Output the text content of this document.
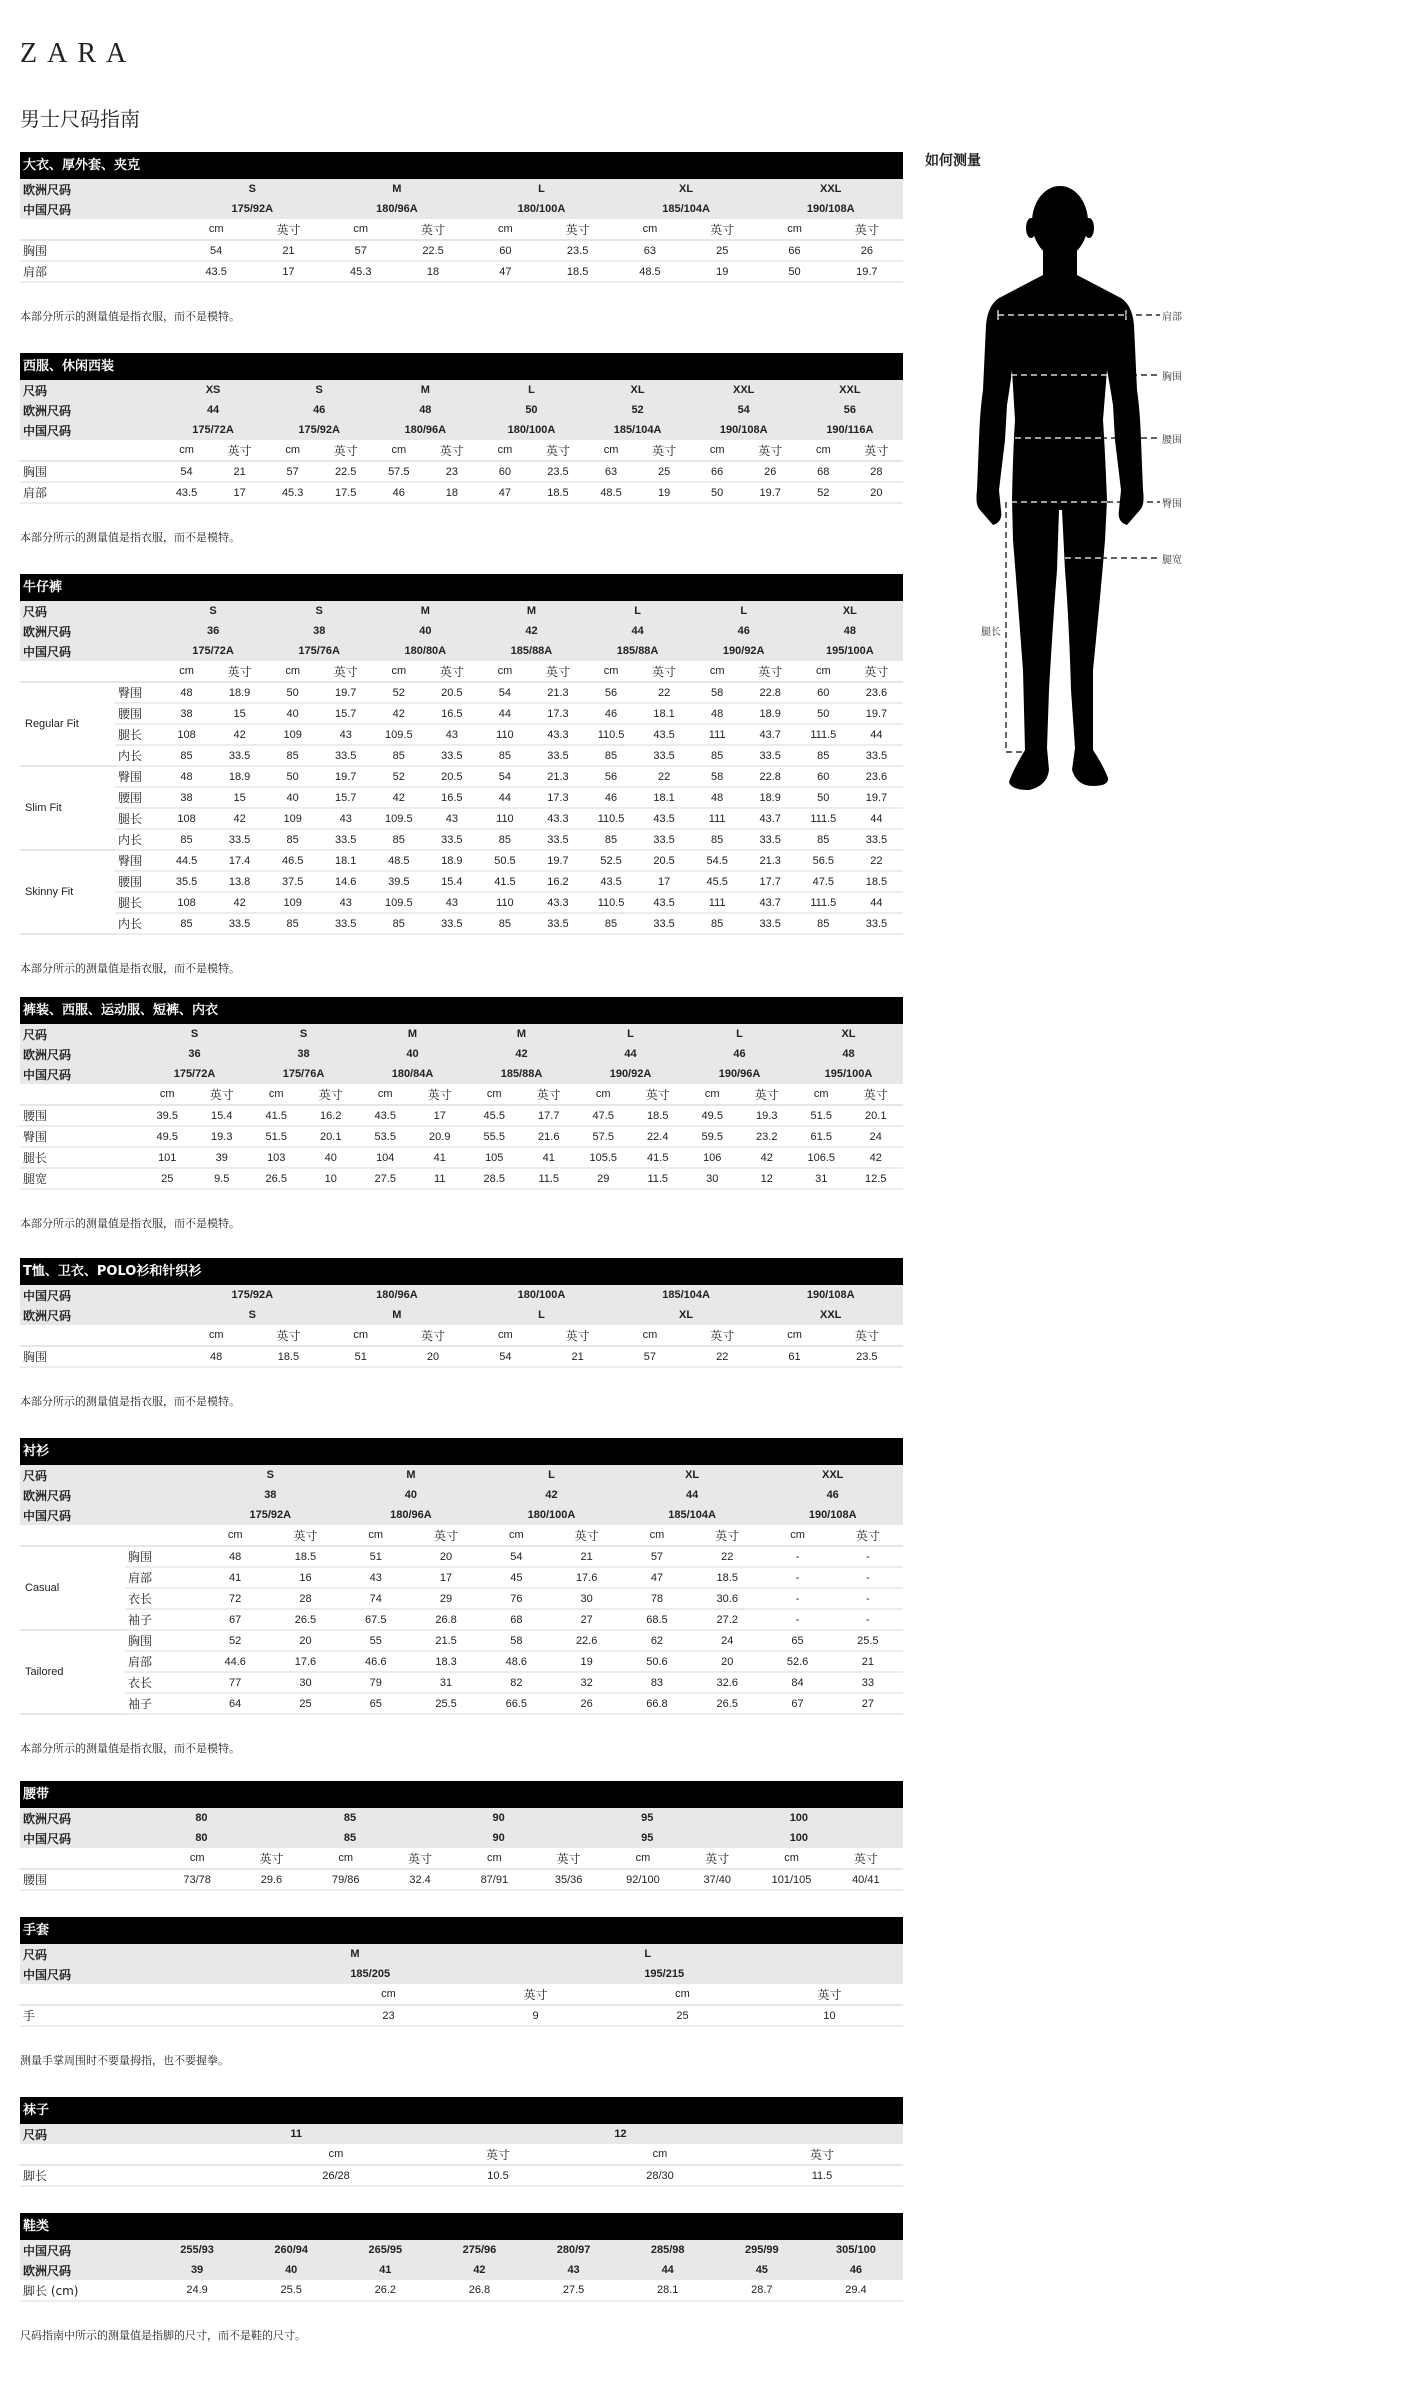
ZARA
男士尺码指南
大衣、厚外套、夹克
欧洲尺码	S		M		L		XL		XXL	
中国尺码	175/92A		180/96A		180/100A		185/104A		190/108A	
	cm	英寸	cm	英寸	cm	英寸	cm	英寸	cm	英寸
胸围	54	21	57	22.5	60	23.5	63	25	66	26
肩部	43.5	17	45.3	18	47	18.5	48.5	19	50	19.7

本部分所示的测量值是指衣服，而不是模特。

西服、休闲西装
尺码	XS		S		M		L		XL		XXL		XXL	
欧洲尺码	44		46		48		50		52		54		56	
中国尺码	175/72A		175/92A		180/96A		180/100A		185/104A		190/108A		190/116A	
	cm	英寸	cm	英寸	cm	英寸	cm	英寸	cm	英寸	cm	英寸	cm	英寸
胸围	54	21	57	22.5	57.5	23	60	23.5	63	25	66	26	68	28
肩部	43.5	17	45.3	17.5	46	18	47	18.5	48.5	19	50	19.7	52	20

本部分所示的测量值是指衣服，而不是模特。

牛仔裤
尺码		S		S		M		M		L		L		XL	
欧洲尺码		36		38		40		42		44		46		48	
中国尺码		175/72A		175/76A		180/80A		185/88A		185/88A		190/92A		195/100A	
		cm	英寸	cm	英寸	cm	英寸	cm	英寸	cm	英寸	cm	英寸	cm	英寸
Regular Fit	臀围	48	18.9	50	19.7	52	20.5	54	21.3	56	22	58	22.8	60	23.6
	腰围	38	15	40	15.7	42	16.5	44	17.3	46	18.1	48	18.9	50	19.7
	腿长	108	42	109	43	109.5	43	110	43.3	110.5	43.5	111	43.7	111.5	44
	内长	85	33.5	85	33.5	85	33.5	85	33.5	85	33.5	85	33.5	85	33.5
Slim Fit	臀围	48	18.9	50	19.7	52	20.5	54	21.3	56	22	58	22.8	60	23.6
	腰围	38	15	40	15.7	42	16.5	44	17.3	46	18.1	48	18.9	50	19.7
	腿长	108	42	109	43	109.5	43	110	43.3	110.5	43.5	111	43.7	111.5	44
	内长	85	33.5	85	33.5	85	33.5	85	33.5	85	33.5	85	33.5	85	33.5
Skinny Fit	臀围	44.5	17.4	46.5	18.1	48.5	18.9	50.5	19.7	52.5	20.5	54.5	21.3	56.5	22
	腰围	35.5	13.8	37.5	14.6	39.5	15.4	41.5	16.2	43.5	17	45.5	17.7	47.5	18.5
	腿长	108	42	109	43	109.5	43	110	43.3	110.5	43.5	111	43.7	111.5	44
	内长	85	33.5	85	33.5	85	33.5	85	33.5	85	33.5	85	33.5	85	33.5

本部分所示的测量值是指衣服，而不是模特。

裤装、西服、运动服、短裤、内衣
尺码	S		S		M		M		L		L		XL	
欧洲尺码	36		38		40		42		44		46		48	
中国尺码	175/72A		175/76A		180/84A		185/88A		190/92A		190/96A		195/100A	
	cm	英寸	cm	英寸	cm	英寸	cm	英寸	cm	英寸	cm	英寸	cm	英寸
腰围	39.5	15.4	41.5	16.2	43.5	17	45.5	17.7	47.5	18.5	49.5	19.3	51.5	20.1
臀围	49.5	19.3	51.5	20.1	53.5	20.9	55.5	21.6	57.5	22.4	59.5	23.2	61.5	24
腿长	101	39	103	40	104	41	105	41	105.5	41.5	106	42	106.5	42
腿宽	25	9.5	26.5	10	27.5	11	28.5	11.5	29	11.5	30	12	31	12.5

本部分所示的测量值是指衣服，而不是模特。

T恤、卫衣、POLO衫和针织衫
中国尺码	175/92A		180/96A		180/100A		185/104A		190/108A	
欧洲尺码	S		M		L		XL		XXL	
	cm	英寸	cm	英寸	cm	英寸	cm	英寸	cm	英寸
胸围	48	18.5	51	20	54	21	57	22	61	23.5

本部分所示的测量值是指衣服，而不是模特。

衬衫
尺码		S		M		L		XL		XXL	
欧洲尺码		38		40		42		44		46	
中国尺码		175/92A		180/96A		180/100A		185/104A		190/108A	
		cm	英寸	cm	英寸	cm	英寸	cm	英寸	cm	英寸
Casual	胸围	48	18.5	51	20	54	21	57	22	-	-
	肩部	41	16	43	17	45	17.6	47	18.5	-	-
	衣长	72	28	74	29	76	30	78	30.6	-	-
	袖子	67	26.5	67.5	26.8	68	27	68.5	27.2	-	-
Tailored	胸围	52	20	55	21.5	58	22.6	62	24	65	25.5
	肩部	44.6	17.6	46.6	18.3	48.6	19	50.6	20	52.6	21
	衣长	77	30	79	31	82	32	83	32.6	84	33
	袖子	64	25	65	25.5	66.5	26	66.8	26.5	67	27

本部分所示的测量值是指衣服，而不是模特。

腰带
欧洲尺码	80		85		90		95		100	
中国尺码	80		85		90		95		100	
	cm	英寸	cm	英寸	cm	英寸	cm	英寸	cm	英寸
腰围	73/78	29.6	79/86	32.4	87/91	35/36	92/100	37/40	101/105	40/41
手套
尺码	M		L	
中国尺码	185/205		195/215	
	cm	英寸	cm	英寸
手	23	9	25	10

测量手掌周围时不要量拇指，也不要握拳。

袜子
尺码	11		12	
	cm	英寸	cm	英寸
脚长	26/28	10.5	28/30	11.5
鞋类
中国尺码	255/93	260/94	265/95	275/96	280/97	285/98	295/99	305/100
欧洲尺码	39	40	41	42	43	44	45	46
脚长 (cm)	24.9	25.5	26.2	26.8	27.5	28.1	28.7	29.4

尺码指南中所示的测量值是指脚的尺寸，而不是鞋的尺寸。

如何测量
肩部
胸围
腰围
臀围
腿宽
腿长
